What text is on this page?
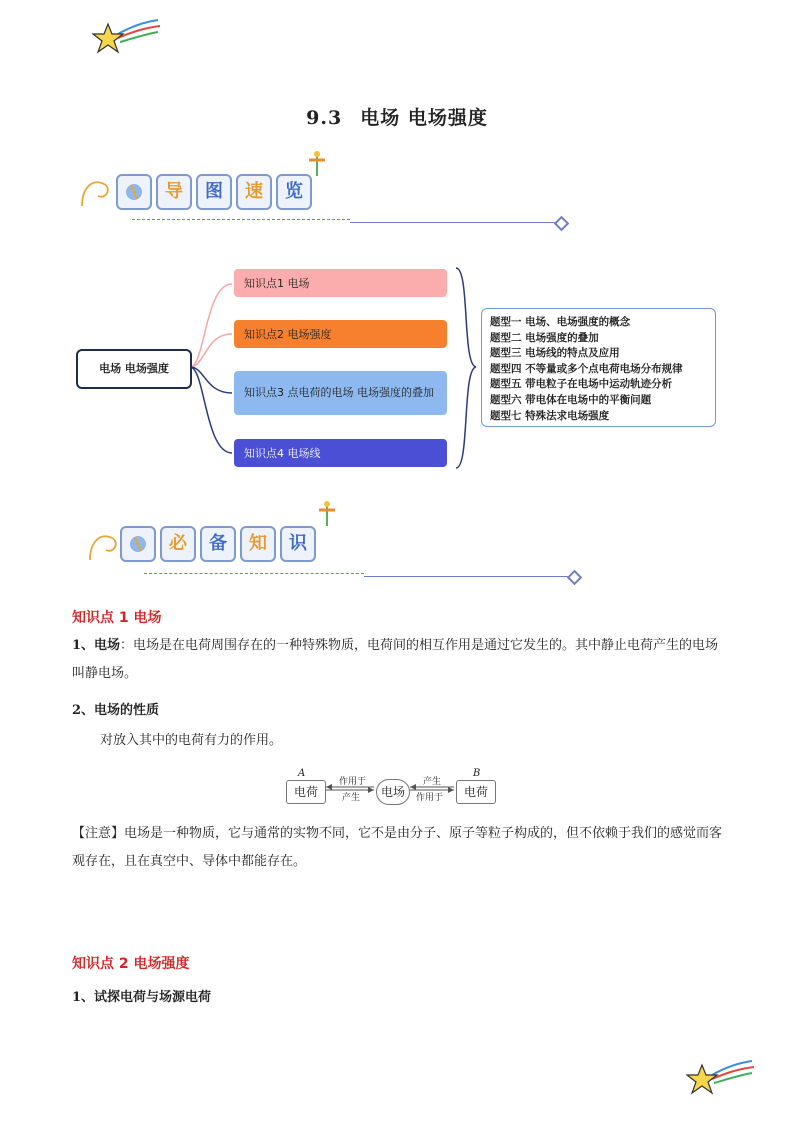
9.3 电场 电场强度
导	图	速	览
电场 电场强度
知识点1 电场
知识点2 电场强度
知识点3 点电荷的电场 电场强度的叠加
知识点4 电场线
题型一 电场、电场强度的概念
题型二 电场强度的叠加
题型三 电场线的特点及应用
题型四 不等量或多个点电荷电场分布规律
题型五 带电粒子在电场中运动轨迹分析
题型六 带电体在电场中的平衡问题
题型七 特殊法求电场强度
必	备	知	识
知识点 1 电场
1、电场：电场是在电荷周围存在的一种特殊物质，电荷间的相互作用是通过它发生的。其中静止电荷产生的电场叫静电场。
2、电场的性质
对放入其中的电荷有力的作用。
A	B
电荷	电场	电荷
作用于
产生
产生
作用于
【注意】电场是一种物质，它与通常的实物不同，它不是由分子、原子等粒子构成的，但不依赖于我们的感觉而客观存在，且在真空中、导体中都能存在。
知识点 2 电场强度
1、试探电荷与场源电荷
